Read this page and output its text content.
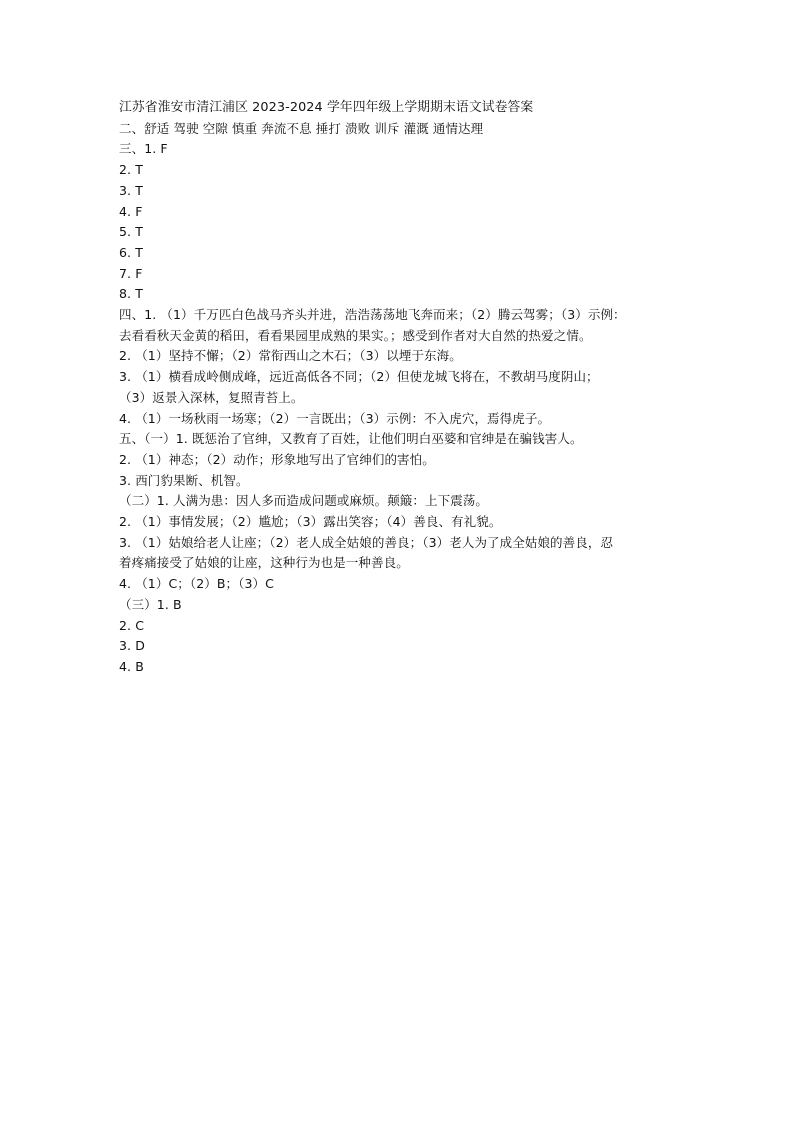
江苏省淮安市清江浦区 2023-2024 学年四年级上学期期末语文试卷答案
二、舒适 驾驶 空隙 慎重 奔流不息 捶打 溃败 训斥 灌溉 通情达理
三、1. F
2. T
3. T
4. F
5. T
6. T
7. F
8. T
四、1. （1）千万匹白色战马齐头并进，浩浩荡荡地飞奔而来；（2）腾云驾雾；（3）示例：
去看看秋天金黄的稻田，看看果园里成熟的果实。；感受到作者对大自然的热爱之情。
2. （1）坚持不懈；（2）常衔西山之木石；（3）以堙于东海。
3. （1）横看成岭侧成峰，远近高低各不同；（2）但使龙城飞将在，不教胡马度阴山；
（3）返景入深林，复照青苔上。
4. （1）一场秋雨一场寒；（2）一言既出；（3）示例：不入虎穴，焉得虎子。
五、（一）1. 既惩治了官绅，又教育了百姓，让他们明白巫婆和官绅是在骗钱害人。
2. （1）神态；（2）动作；形象地写出了官绅们的害怕。
3. 西门豹果断、机智。
（二）1. 人满为患：因人多而造成问题或麻烦。颠簸：上下震荡。
2. （1）事情发展；（2）尴尬；（3）露出笑容；（4）善良、有礼貌。
3. （1）姑娘给老人让座；（2）老人成全姑娘的善良；（3）老人为了成全姑娘的善良，忍
着疼痛接受了姑娘的让座，这种行为也是一种善良。
4. （1）C；（2）B；（3）C
（三）1. B
2. C
3. D
4. B
